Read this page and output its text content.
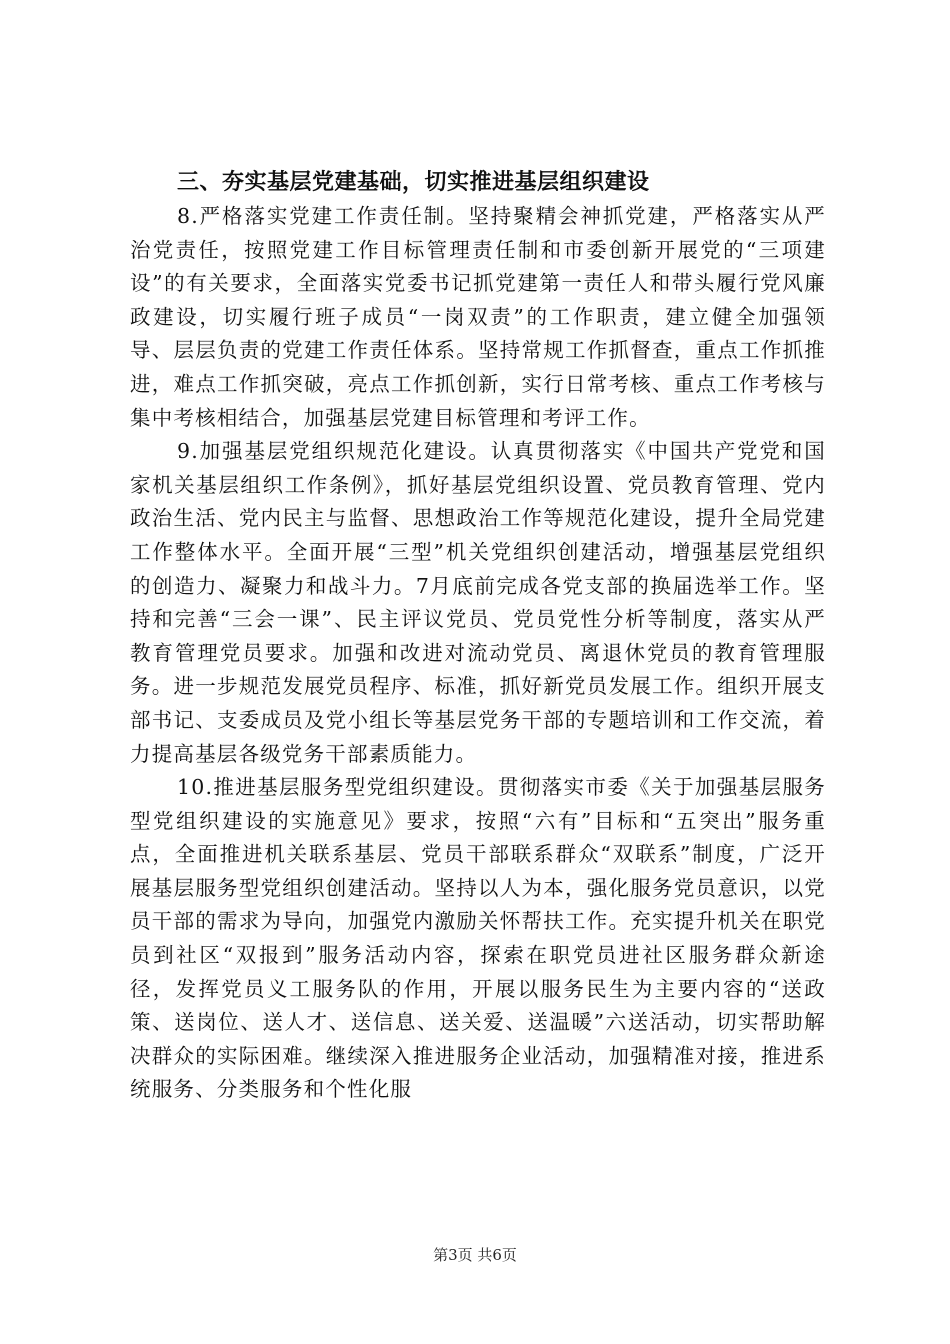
三、夯实基层党建基础，切实推进基层组织建设

8.严格落实党建工作责任制。坚持聚精会神抓党建，严格落实从严治党责任，按照党建工作目标管理责任制和市委创新开展党的“三项建设”的有关要求，全面落实党委书记抓党建第一责任人和带头履行党风廉政建设，切实履行班子成员“一岗双责”的工作职责，建立健全加强领导、层层负责的党建工作责任体系。坚持常规工作抓督查，重点工作抓推进，难点工作抓突破，亮点工作抓创新，实行日常考核、重点工作考核与集中考核相结合，加强基层党建目标管理和考评工作。

9.加强基层党组织规范化建设。认真贯彻落实《中国共产党党和国家机关基层组织工作条例》，抓好基层党组织设置、党员教育管理、党内政治生活、党内民主与监督、思想政治工作等规范化建设，提升全局党建工作整体水平。全面开展“三型”机关党组织创建活动，增强基层党组织的创造力、凝聚力和战斗力。7月底前完成各党支部的换届选举工作。坚持和完善“三会一课”、民主评议党员、党员党性分析等制度，落实从严教育管理党员要求。加强和改进对流动党员、离退休党员的教育管理服务。进一步规范发展党员程序、标准，抓好新党员发展工作。组织开展支部书记、支委成员及党小组长等基层党务干部的专题培训和工作交流，着力提高基层各级党务干部素质能力。

10.推进基层服务型党组织建设。贯彻落实市委《关于加强基层服务型党组织建设的实施意见》要求，按照“六有”目标和“五突出”服务重点，全面推进机关联系基层、党员干部联系群众“双联系”制度，广泛开展基层服务型党组织创建活动。坚持以人为本，强化服务党员意识，以党员干部的需求为导向，加强党内激励关怀帮扶工作。充实提升机关在职党员到社区“双报到”服务活动内容，探索在职党员进社区服务群众新途径，发挥党员义工服务队的作用，开展以服务民生为主要内容的“送政策、送岗位、送人才、送信息、送关爱、送温暖”六送活动，切实帮助解决群众的实际困难。继续深入推进服务企业活动，加强精准对接，推进系统服务、分类服务和个性化服

第3页 共6页
